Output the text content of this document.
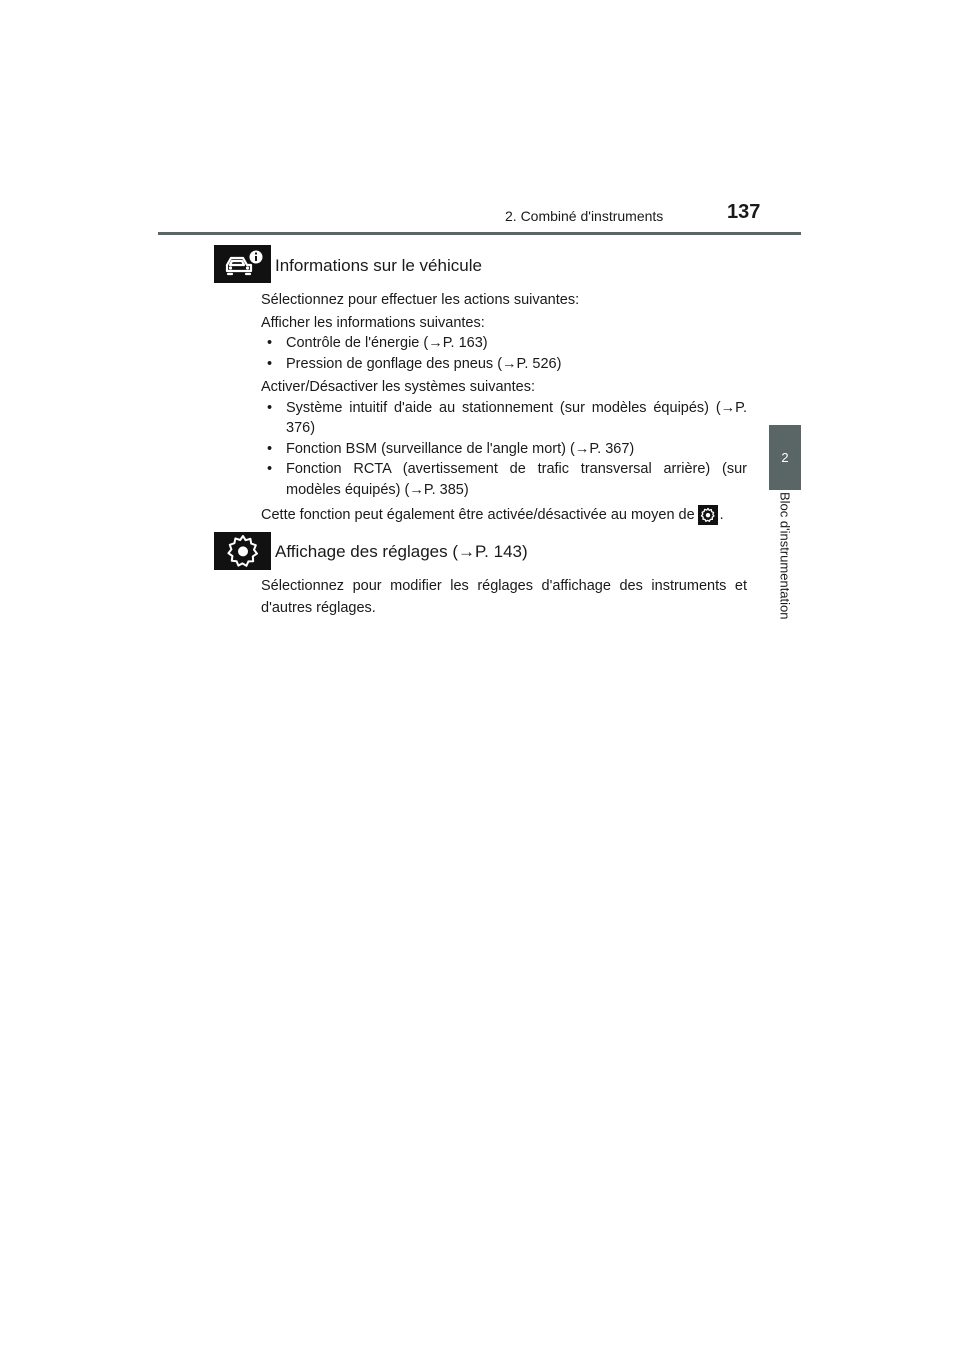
2. Combiné d'instruments	137
2
Bloc d'instrumentation
Informations sur le véhicule

Sélectionnez pour effectuer les actions suivantes:

Afficher les informations suivantes:

• Contrôle de l'énergie (→P. 163)

• Pression de gonflage des pneus (→P. 526)

Activer/Désactiver les systèmes suivantes:

• Système intuitif d'aide au stationnement (sur modèles équipés) (→P. 376)

• Fonction BSM (surveillance de l'angle mort) (→P. 367)

• Fonction RCTA (avertissement de trafic transversal arrière) (sur modèles équipés) (→P. 385)

Cette fonction peut également être activée/désactivée au moyen de .

Affichage des réglages (→P. 143)
Sélectionnez pour modifier les réglages d'affichage des instruments et d'autres réglages.
